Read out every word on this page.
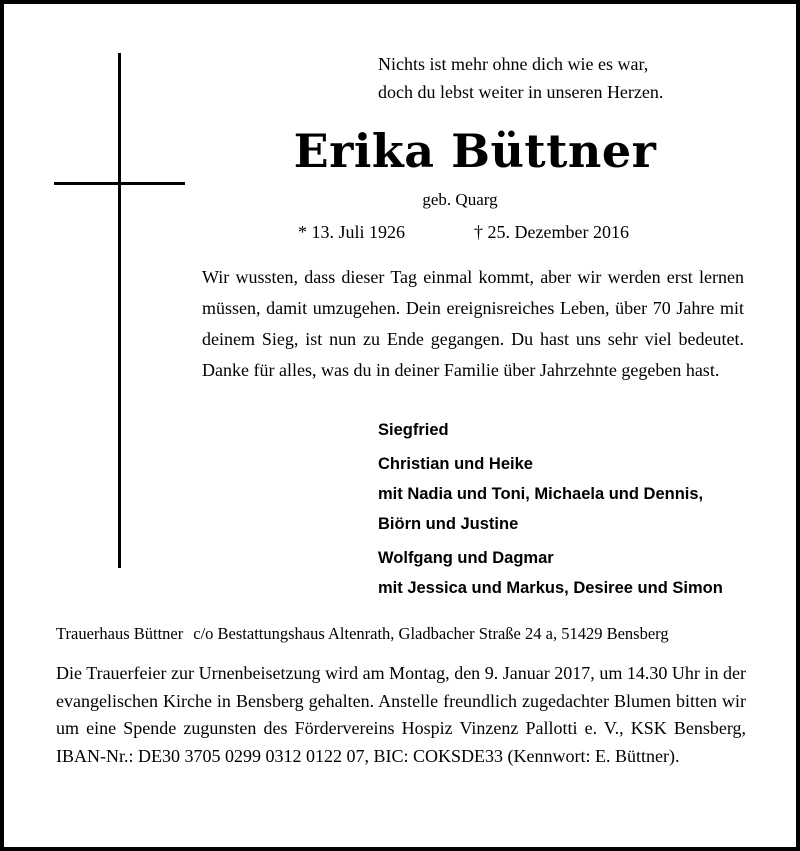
Nichts ist mehr ohne dich wie es war,
doch du lebst weiter in unseren Herzen.
Erika Büttner
geb. Quarg
* 13. Juli 1926	† 25. Dezember 2016
Wir wussten, dass dieser Tag einmal kommt, aber wir werden erst lernen müssen, damit umzugehen. Dein ereignisreiches Leben, über 70 Jahre mit deinem Sieg, ist nun zu Ende gegangen. Du hast uns sehr viel bedeutet. Danke für alles, was du in deiner Familie über Jahrzehnte gegeben hast.
Siegfried
Christian und Heike
mit Nadia und Toni, Michaela und Dennis,
Biörn und Justine
Wolfgang und Dagmar
mit Jessica und Markus, Desiree und Simon
Trauerhaus Büttner c/o Bestattungshaus Altenrath, Gladbacher Straße 24 a, 51429 Bensberg
Die Trauerfeier zur Urnenbeisetzung wird am Montag, den 9. Januar 2017, um 14.30 Uhr in der evangelischen Kirche in Bensberg gehalten. Anstelle freundlich zugedachter Blumen bitten wir um eine Spende zugunsten des Fördervereins Hospiz Vinzenz Pallotti e. V., KSK Bensberg, IBAN-Nr.: DE30 3705 0299 0312 0122 07, BIC: COKSDE33 (Kennwort: E. Büttner).
